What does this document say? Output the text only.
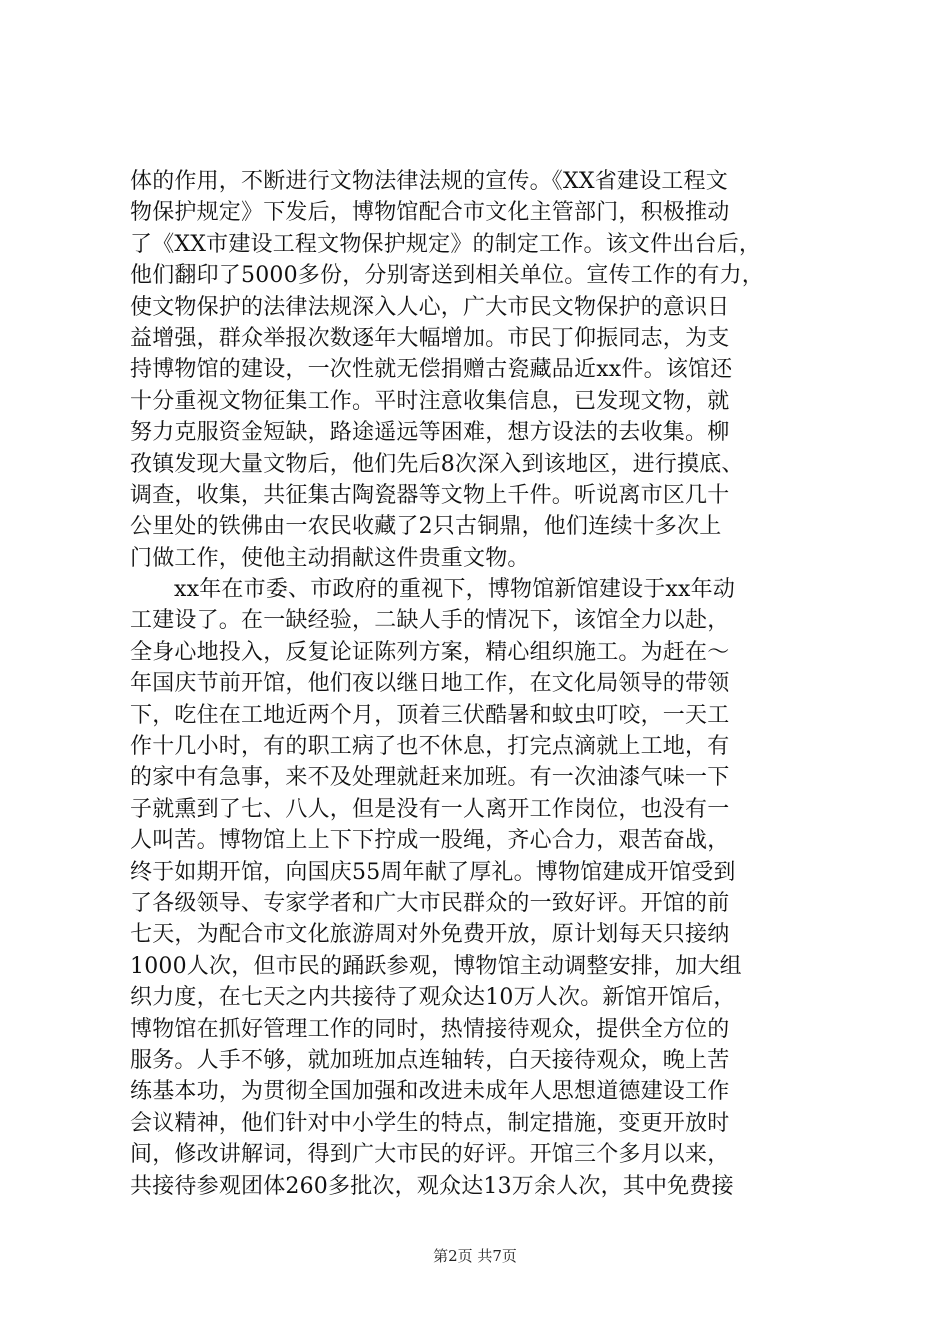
体的作用，不断进行文物法律法规的宣传。《XX省建设工程文
物保护规定》下发后，博物馆配合市文化主管部门，积极推动
了《XX市建设工程文物保护规定》的制定工作。该文件出台后，
他们翻印了5000多份，分别寄送到相关单位。宣传工作的有力，
使文物保护的法律法规深入人心，广大市民文物保护的意识日
益增强，群众举报次数逐年大幅增加。市民丁仰振同志，为支
持博物馆的建设，一次性就无偿捐赠古瓷藏品近xx件。该馆还
十分重视文物征集工作。平时注意收集信息，已发现文物，就
努力克服资金短缺，路途遥远等困难，想方设法的去收集。柳
孜镇发现大量文物后，他们先后8次深入到该地区，进行摸底、
调查，收集，共征集古陶瓷器等文物上千件。听说离市区几十
公里处的铁佛由一农民收藏了2只古铜鼎，他们连续十多次上
门做工作，使他主动捐献这件贵重文物。
xx年在市委、市政府的重视下，博物馆新馆建设于xx年动
工建设了。在一缺经验，二缺人手的情况下，该馆全力以赴，
全身心地投入，反复论证陈列方案，精心组织施工。为赶在～
年国庆节前开馆，他们夜以继日地工作，在文化局领导的带领
下，吃住在工地近两个月，顶着三伏酷暑和蚊虫叮咬，一天工
作十几小时，有的职工病了也不休息，打完点滴就上工地，有
的家中有急事，来不及处理就赶来加班。有一次油漆气味一下
子就熏到了七、八人，但是没有一人离开工作岗位，也没有一
人叫苦。博物馆上上下下拧成一股绳，齐心合力，艰苦奋战，
终于如期开馆，向国庆55周年献了厚礼。博物馆建成开馆受到
了各级领导、专家学者和广大市民群众的一致好评。开馆的前
七天，为配合市文化旅游周对外免费开放，原计划每天只接纳
1000人次，但市民的踊跃参观，博物馆主动调整安排，加大组
织力度，在七天之内共接待了观众达10万人次。新馆开馆后，
博物馆在抓好管理工作的同时，热情接待观众，提供全方位的
服务。人手不够，就加班加点连轴转，白天接待观众，晚上苦
练基本功，为贯彻全国加强和改进未成年人思想道德建设工作
会议精神，他们针对中小学生的特点，制定措施，变更开放时
间，修改讲解词，得到广大市民的好评。开馆三个多月以来，
共接待参观团体260多批次，观众达13万余人次，其中免费接
第2页 共7页
